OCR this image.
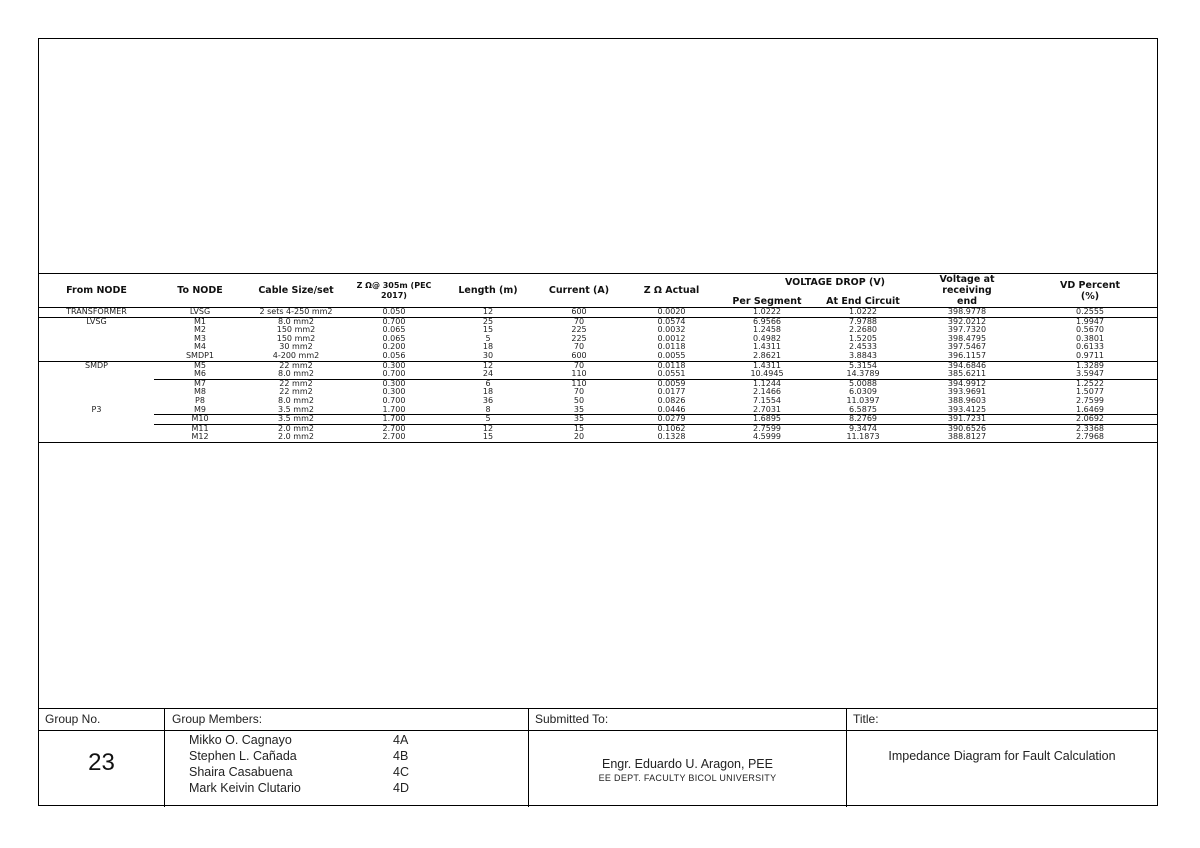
From NODE	To NODE	Cable Size/set	Z Ω@ 305m (PEC 2017)	Length (m)	Current (A)	Z Ω Actual	VOLTAGE DROP (V)		Voltage at receiving end	VD Percent (%)
							Per Segment	At End Circuit		
TRANSFORMER	LVSG	2 sets 4-250 mm2	0.050	12	600	0.0020	1.0222	1.0222	398.9778	0.2555
LVSG	M1	8.0 mm2	0.700	25	70	0.0574	6.9566	7.9788	392.0212	1.9947
	M2	150 mm2	0.065	15	225	0.0032	1.2458	2.2680	397.7320	0.5670
	M3	150 mm2	0.065	5	225	0.0012	0.4982	1.5205	398.4795	0.3801
	M4	30 mm2	0.200	18	70	0.0118	1.4311	2.4533	397.5467	0.6133
	SMDP1	4-200 mm2	0.056	30	600	0.0055	2.8621	3.8843	396.1157	0.9711
SMDP	M5	22 mm2	0.300	12	70	0.0118	1.4311	5.3154	394.6846	1.3289
	M6	8.0 mm2	0.700	24	110	0.0551	10.4945	14.3789	385.6211	3.5947
	M7	22 mm2	0.300	6	110	0.0059	1.1244	5.0088	394.9912	1.2522
	M8	22 mm2	0.300	18	70	0.0177	2.1466	6.0309	393.9691	1.5077
	P8	8.0 mm2	0.700	36	50	0.0826	7.1554	11.0397	388.9603	2.7599
P3	M9	3.5 mm2	1.700	8	35	0.0446	2.7031	6.5875	393.4125	1.6469
	M10	3.5 mm2	1.700	5	35	0.0279	1.6895	8.2769	391.7231	2.0692
	M11	2.0 mm2	2.700	12	15	0.1062	2.7599	9.3474	390.6526	2.3368
	M12	2.0 mm2	2.700	15	20	0.1328	4.5999	11.1873	388.8127	2.7968
Group No.	Group Members:	Submitted To:	Title:
23
Mikko O. Cagnayo	4A
Stephen L. Cañada	4B
Shaira Casabuena	4C
Mark Keivin Clutario	4D
Engr. Eduardo U. Aragon, PEE
EE DEPT. FACULTY BICOL UNIVERSITY
Impedance Diagram for Fault Calculation
